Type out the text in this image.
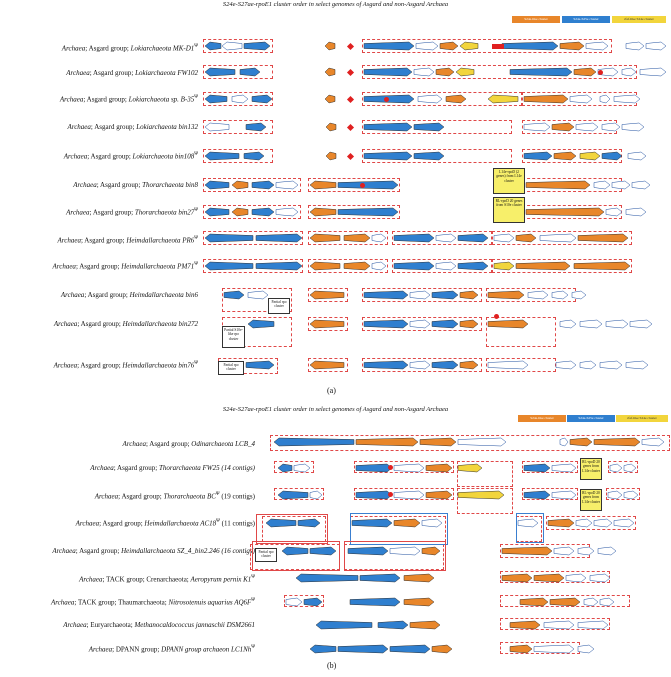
S24e-S27ae-rpoE1 cluster order in select genomes of Asgard and non-Asgard Archaea
S24e-like cluster	S24e-S25e cluster	rfaf-like S24e cluster
Archaea; Asgard group; Lokiarchaeota $MK-D1^\Psi$
Archaea; Asgard group; Lokiarchaeota FW102
Archaea; Asgard group; Lokiarchaeota sp. $B-35^\Psi$
Archaea; Asgard group; Lokiarchaeota bin132
Archaea; Asgard group; Lokiarchaeota $bin108^\Psi$
Archaea; Asgard group; Thorarchaeota bin8
Archaea; Asgard group; Thorarchaeota $bin27^\Psi$
Archaea; Asgard group; Heimdallarchaeota $PR6^\Psi$
Archaea; Asgard group; Heimdallarchaeota $PM71^\Psi$
Archaea; Asgard group; Heimdallarchaeota bin6
Archaea; Asgard group; Heimdallarchaeota bin272
Archaea; Asgard group; Heimdallarchaeota $bin76^\Psi$
(a)
S24e-S27ae-rpoE1 cluster order in select genomes of Asgard and non-Asgard Archaea
S24e-like cluster	S24e-S25e cluster	rfaf-like S24e cluster
Archaea; Asgard group; Odinarchaeota LCB_4
Archaea; Asgard group; Thorarchaeota FW25 (14 contigs)
Archaea; Asgard group; Thorarchaeota $BC^\Psi$ (19 contigs)
Archaea; Asgard group; Heimdallarchaeota $AC18^\Psi$ (11 contigs)
Archaea; Asgard group; Heimdallarchaeota SZ_4_bin2.246 (16 contigs)
Archaea; TACK group; Crenarchaeota; Aeropyrum pernix $K1^\Psi$
Archaea; TACK group; Thaumarchaeota; Nitrosotenuis aquarius $AQ6F^\Psi$
Archaea; Euryarchaeota; Methanocaldococcus jannaschii DSM2661
Archaea; DPANN group; DPANN group archaeon $LC1Nh^\Psi$
(b)
Partial rpo cluster
Partial S10e-like rpo cluster
Partial rpo cluster
L14e-rpoD (2 genes) from L14e cluster
RL-rpoD 20 genes from S10e cluster
RL-rpoD 20 genes from L14e cluster
RL-rpoD 20 genes from L14e cluster
Partial rpo cluster
